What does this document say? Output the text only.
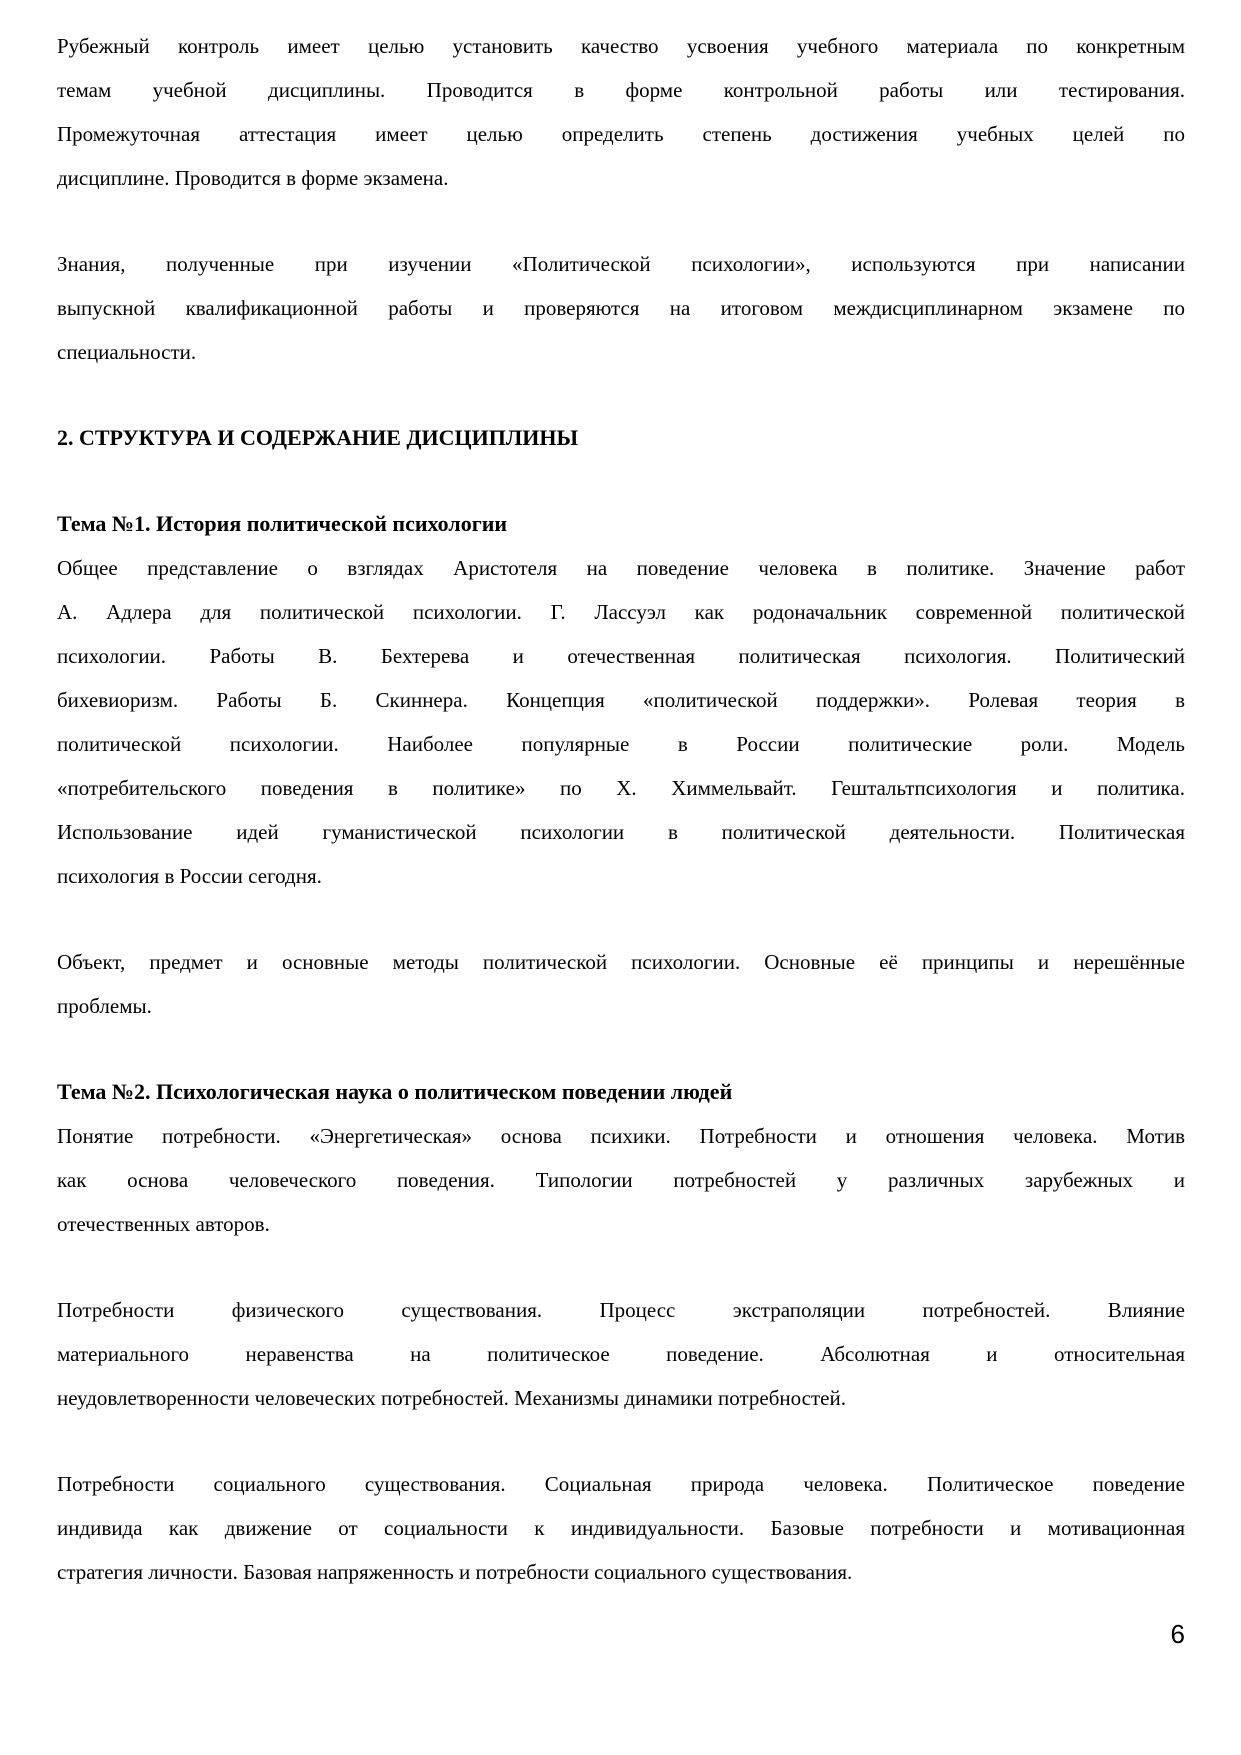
Рубежный контроль имеет целью установить качество усвоения учебного материала по конкретным
темам учебной дисциплины. Проводится в форме контрольной работы или тестирования.
Промежуточная аттестация имеет целью определить степень достижения учебных целей по
дисциплине. Проводится в форме экзамена.
Знания, полученные при изучении «Политической психологии», используются при написании
выпускной квалификационной работы и проверяются на итоговом междисциплинарном экзамене по
специальности.
2. СТРУКТУРА И СОДЕРЖАНИЕ ДИСЦИПЛИНЫ
Тема №1. История политической психологии
Общее представление о взглядах Аристотеля на поведение человека в политике. Значение работ
А. Адлера для политической психологии. Г. Лассуэл как родоначальник современной политической
психологии. Работы В. Бехтерева и отечественная политическая психология. Политический
бихевиоризм. Работы Б. Скиннера. Концепция «политической поддержки». Ролевая теория в
политической психологии. Наиболее популярные в России политические роли. Модель
«потребительского поведения в политике» по Х. Химмельвайт. Гештальтпсихология и политика.
Использование идей гуманистической психологии в политической деятельности. Политическая
психология в России сегодня.
Объект, предмет и основные методы политической психологии. Основные её принципы и нерешённые
проблемы.
Тема №2. Психологическая наука о политическом поведении людей
Понятие потребности. «Энергетическая» основа психики. Потребности и отношения человека. Мотив
как основа человеческого поведения. Типологии потребностей у различных зарубежных и
отечественных авторов.
Потребности физического существования. Процесс экстраполяции потребностей. Влияние
материального неравенства на политическое поведение. Абсолютная и относительная
неудовлетворенности человеческих потребностей. Механизмы динамики потребностей.
Потребности социального существования. Социальная природа человека. Политическое поведение
индивида как движение от социальности к индивидуальности. Базовые потребности и мотивационная
стратегия личности. Базовая напряженность и потребности социального существования.
6
